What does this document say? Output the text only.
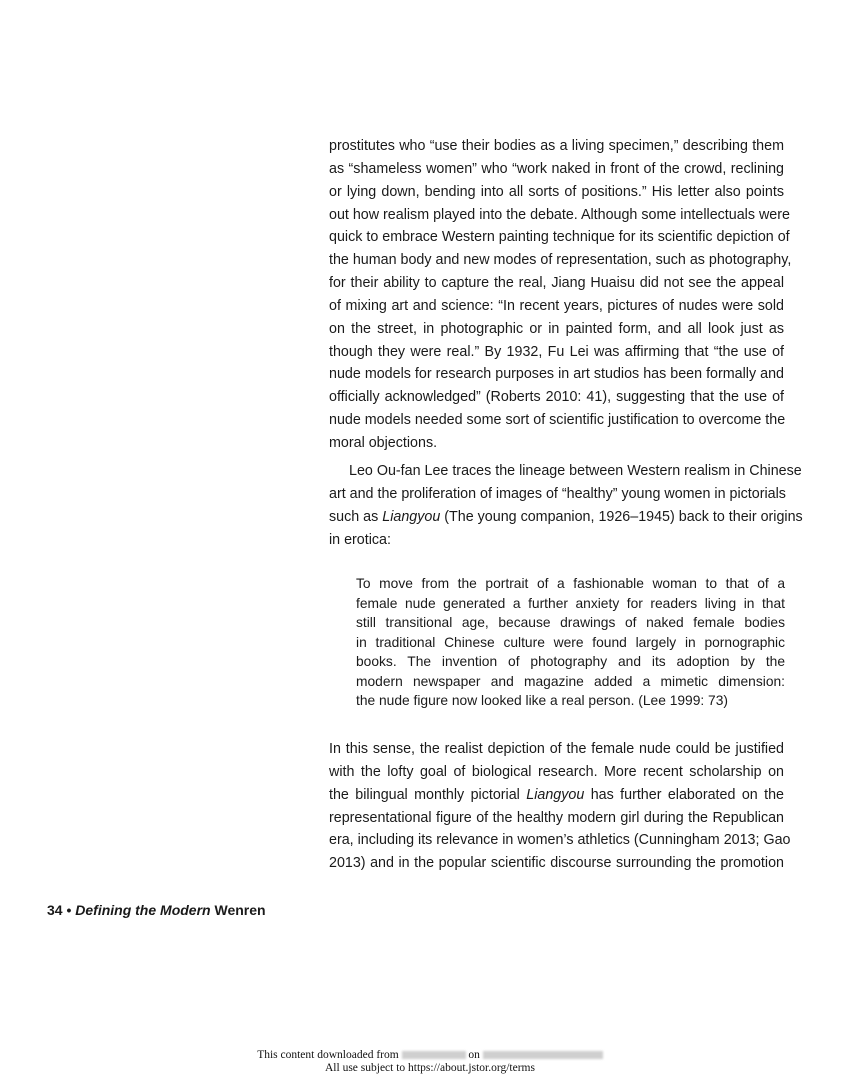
prostitutes who “use their bodies as a living specimen,” describing them
as “shameless women” who “work naked in front of the crowd, reclining
or lying down, bending into all sorts of positions.” His letter also points
out how realism played into the debate. Although some intellectuals were
quick to embrace Western painting technique for its scientific depiction of
the human body and new modes of representation, such as photography,
for their ability to capture the real, Jiang Huaisu did not see the appeal
of mixing art and science: “In recent years, pictures of nudes were sold
on the street, in photographic or in painted form, and all look just as
though they were real.” By 1932, Fu Lei was affirming that “the use of
nude models for research purposes in art studios has been formally and
officially acknowledged” (Roberts 2010: 41), suggesting that the use of
nude models needed some sort of scientific justification to overcome the
moral objections.
Leo Ou-fan Lee traces the lineage between Western realism in Chinese
art and the proliferation of images of “healthy” young women in pictorials
such as Liangyou (The young companion, 1926–1945) back to their origins
in erotica:
To move from the portrait of a fashionable woman to that of a
female nude generated a further anxiety for readers living in that
still transitional age, because drawings of naked female bodies
in traditional Chinese culture were found largely in pornographic
books. The invention of photography and its adoption by the
modern newspaper and magazine added a mimetic dimension:
the nude figure now looked like a real person. (Lee 1999: 73)
In this sense, the realist depiction of the female nude could be justified
with the lofty goal of biological research. More recent scholarship on
the bilingual monthly pictorial Liangyou has further elaborated on the
representational figure of the healthy modern girl during the Republican
era, including its relevance in women’s athletics (Cunningham 2013; Gao
2013) and in the popular scientific discourse surrounding the promotion
34 • Defining the Modern Wenren
This content downloaded from	on
All use subject to https://about.jstor.org/terms
